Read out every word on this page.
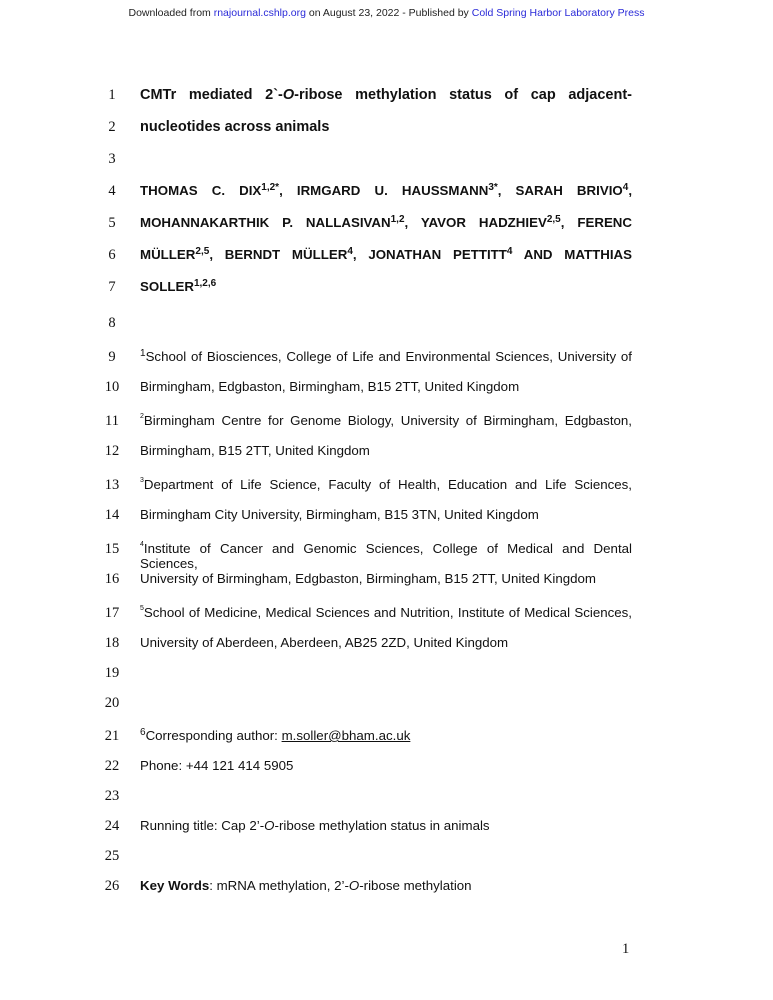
Downloaded from rnajournal.cshlp.org on August 23, 2022 - Published by Cold Spring Harbor Laboratory Press
1	CMTr mediated 2`-O-ribose methylation status of cap adjacent-
2	nucleotides across animals
3
4	THOMAS C. $DIX^{1,2*}$, IRMGARD U. $HAUSSMANN^{3*}$, SARAH BRIVIO$^4$,
5	MOHANNAKARTHIK P. NALLASIVAN$^{1,2}$, YAVOR HADZHIEV$^{2,5}$, FERENC
6	MÜLLER$^{2,5}$, BERNDT MÜLLER$^4$, JONATHAN PETTITT$^4$ AND MATTHIAS
7	SOLLER$^{1,2,6}$
8
9	$^1$School of Biosciences, College of Life and Environmental Sciences, University of
10	Birmingham, Edgbaston, Birmingham, B15 2TT, United Kingdom
11	$^2$Birmingham Centre for Genome Biology, University of Birmingham, Edgbaston,
12	Birmingham, B15 2TT, United Kingdom
13	$^3$Department of Life Science, Faculty of Health, Education and Life Sciences,
14	Birmingham City University, Birmingham, B15 3TN, United Kingdom
15	$^4$Institute of Cancer and Genomic Sciences, College of Medical and Dental Sciences,
16	University of Birmingham, Edgbaston, Birmingham, B15 2TT, United Kingdom
17	$^5$School of Medicine, Medical Sciences and Nutrition, Institute of Medical Sciences,
18	University of Aberdeen, Aberdeen, AB25 2ZD, United Kingdom
19
20
21	$^6$Corresponding author: m.soller@bham.ac.uk
22	Phone: +44 121 414 5905
23
24	Running title: Cap 2’-O-ribose methylation status in animals
25
26	Key Words: mRNA methylation, 2’-O-ribose methylation
1
